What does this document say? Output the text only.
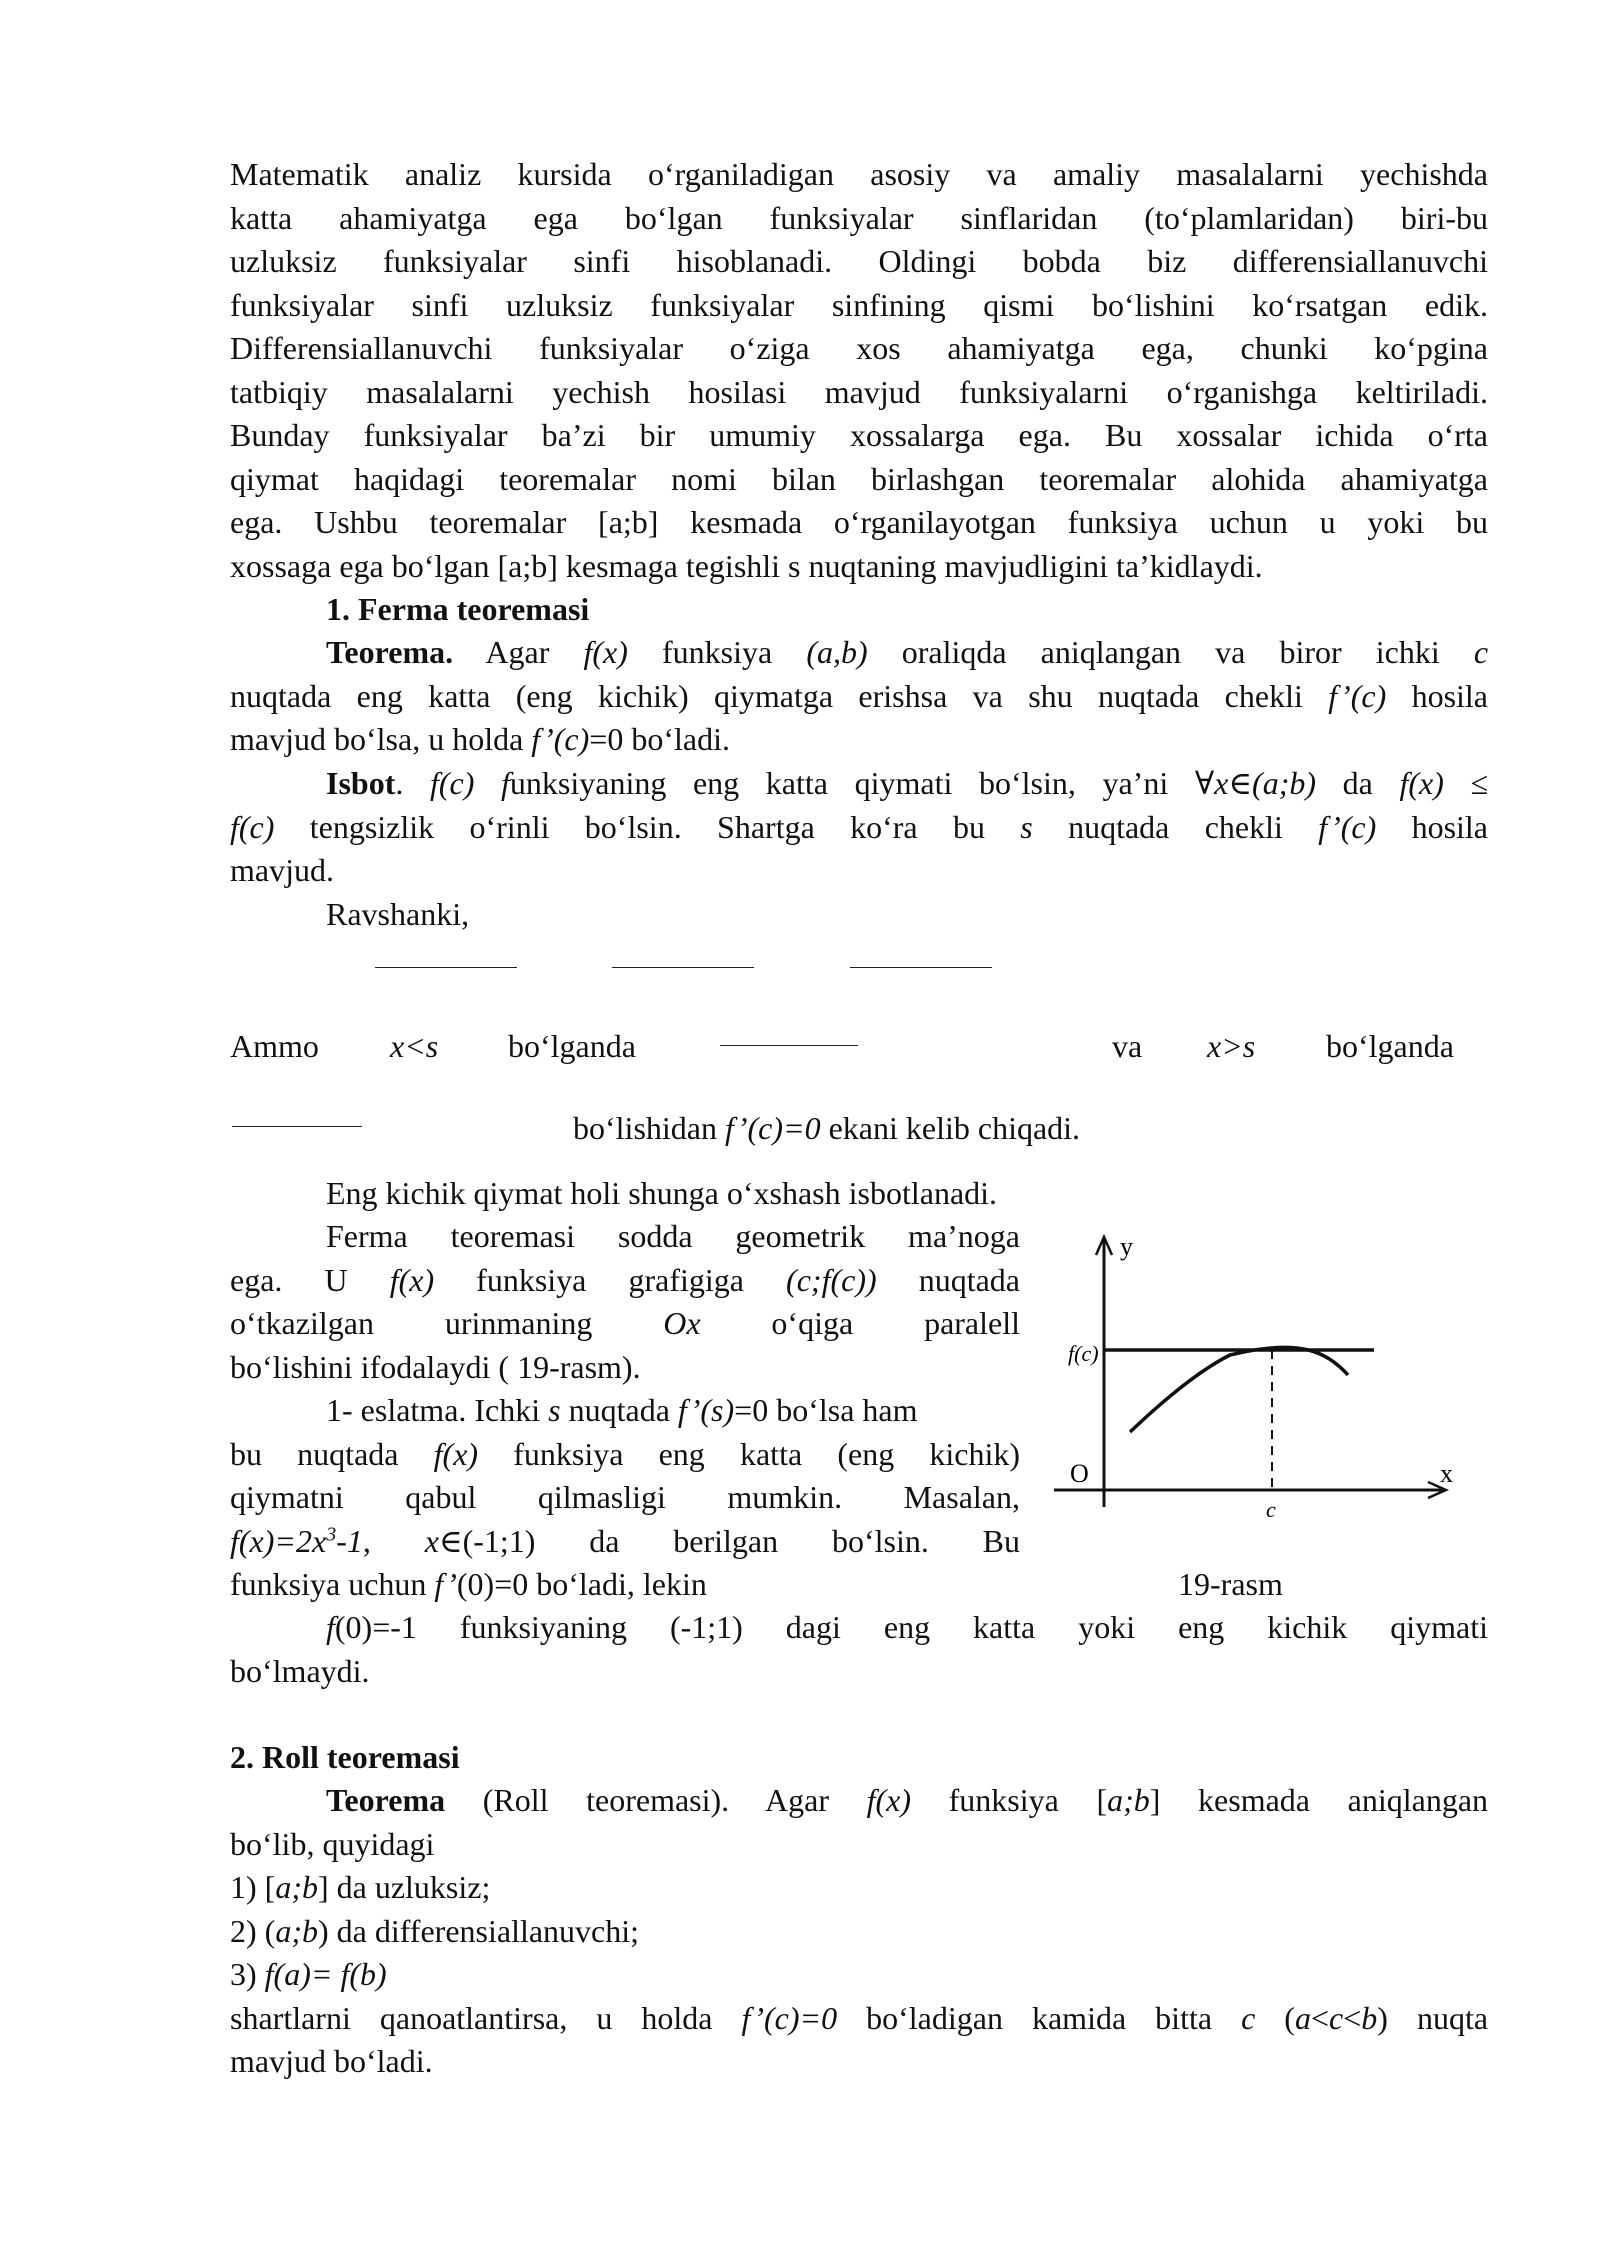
Matematik analiz kursida o‘rganiladigan asosiy va amaliy masalalarni yechishda
katta ahamiyatga ega bo‘lgan funksiyalar sinflaridan (to‘plamlaridan) biri-bu
uzluksiz funksiyalar sinfi hisoblanadi. Oldingi bobda biz differensiallanuvchi
funksiyalar sinfi uzluksiz funksiyalar sinfining qismi bo‘lishini ko‘rsatgan edik.
Differensiallanuvchi funksiyalar o‘ziga xos ahamiyatga ega, chunki ko‘pgina
tatbiqiy masalalarni yechish hosilasi mavjud funksiyalarni o‘rganishga keltiriladi.
Bunday funksiyalar ba’zi bir umumiy xossalarga ega. Bu xossalar ichida o‘rta
qiymat haqidagi teoremalar nomi bilan birlashgan teoremalar alohida ahamiyatga
ega. Ushbu teoremalar [a;b] kesmada o‘rganilayotgan funksiya uchun u yoki bu
xossaga ega bo‘lgan [a;b] kesmaga tegishli s nuqtaning mavjudligini ta’kidlaydi.
1. Ferma teoremasi
Teorema. Agar f(x) funksiya (a,b) oraliqda aniqlangan va biror ichki c
nuqtada eng katta (eng kichik) qiymatga erishsa va shu nuqtada chekli f’(c) hosila
mavjud bo‘lsa, u holda f’(c)=0 bo‘ladi.
Isbot. f(c) funksiyaning eng katta qiymati bo‘lsin, ya’ni ∀x∈(a;b) da f(x) ≤
f(c) tengsizlik o‘rinli bo‘lsin. Shartga ko‘ra bu s nuqtada chekli f’(c) hosila
mavjud.
Ravshanki,
Ammo x<s bo‘lganda	va x>s bo‘lganda
bo‘lishidan f’(c)=0 ekani kelib chiqadi.
Eng kichik qiymat holi shunga o‘xshash isbotlanadi.
Ferma teoremasi sodda geometrik ma’noga
ega. U f(x) funksiya grafigiga (c;f(c)) nuqtada
o‘tkazilgan urinmaning Ox o‘qiga paralell
bo‘lishini ifodalaydi ( 19-rasm).
1- eslatma. Ichki s nuqtada f’(s)=0 bo‘lsa ham
bu nuqtada f(x) funksiya eng katta (eng kichik)
qiymatni qabul qilmasligi mumkin. Masalan,
$f(x)=2x^3-1$, x∈(-1;1) da berilgan bo‘lsin. Bu
funksiya uchun f’(0)=0 bo‘ladi, lekin
y
x
O
f(c)
c
19-rasm
f(0)=-1 funksiyaning (-1;1) dagi eng katta yoki eng kichik qiymati
bo‘lmaydi.
2. Roll teoremasi
Teorema (Roll teoremasi). Agar f(x) funksiya [a;b] kesmada aniqlangan
bo‘lib, quyidagi
1) [a;b] da uzluksiz;
2) (a;b) da differensiallanuvchi;
3) f(a)= f(b)
shartlarni qanoatlantirsa, u holda f’(c)=0 bo‘ladigan kamida bitta c (a<c<b) nuqta
mavjud bo‘ladi.
